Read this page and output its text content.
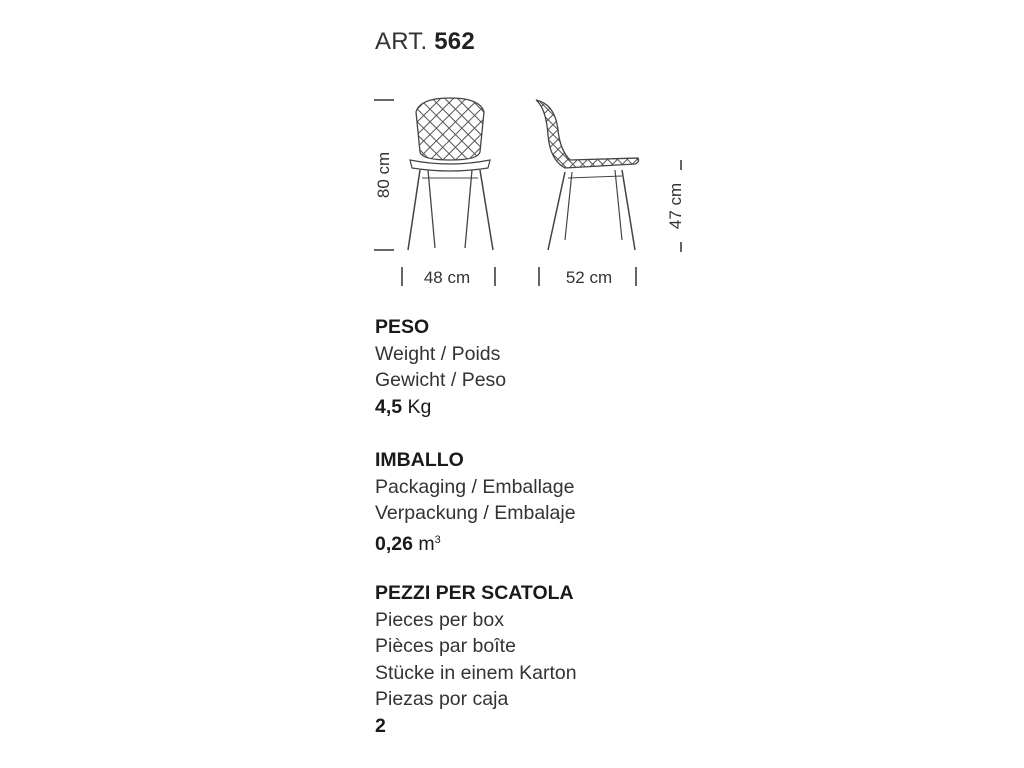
ART. 562
80 cm
47 cm
48 cm	52 cm
PESO
Weight / Poids
Gewicht / Peso
4,5 Kg
IMBALLO
Packaging / Emballage
Verpackung / Embalaje
0,26 $m^3$
PEZZI PER SCATOLA
Pieces per box
Pièces par boîte
Stücke in einem Karton
Piezas por caja
2
